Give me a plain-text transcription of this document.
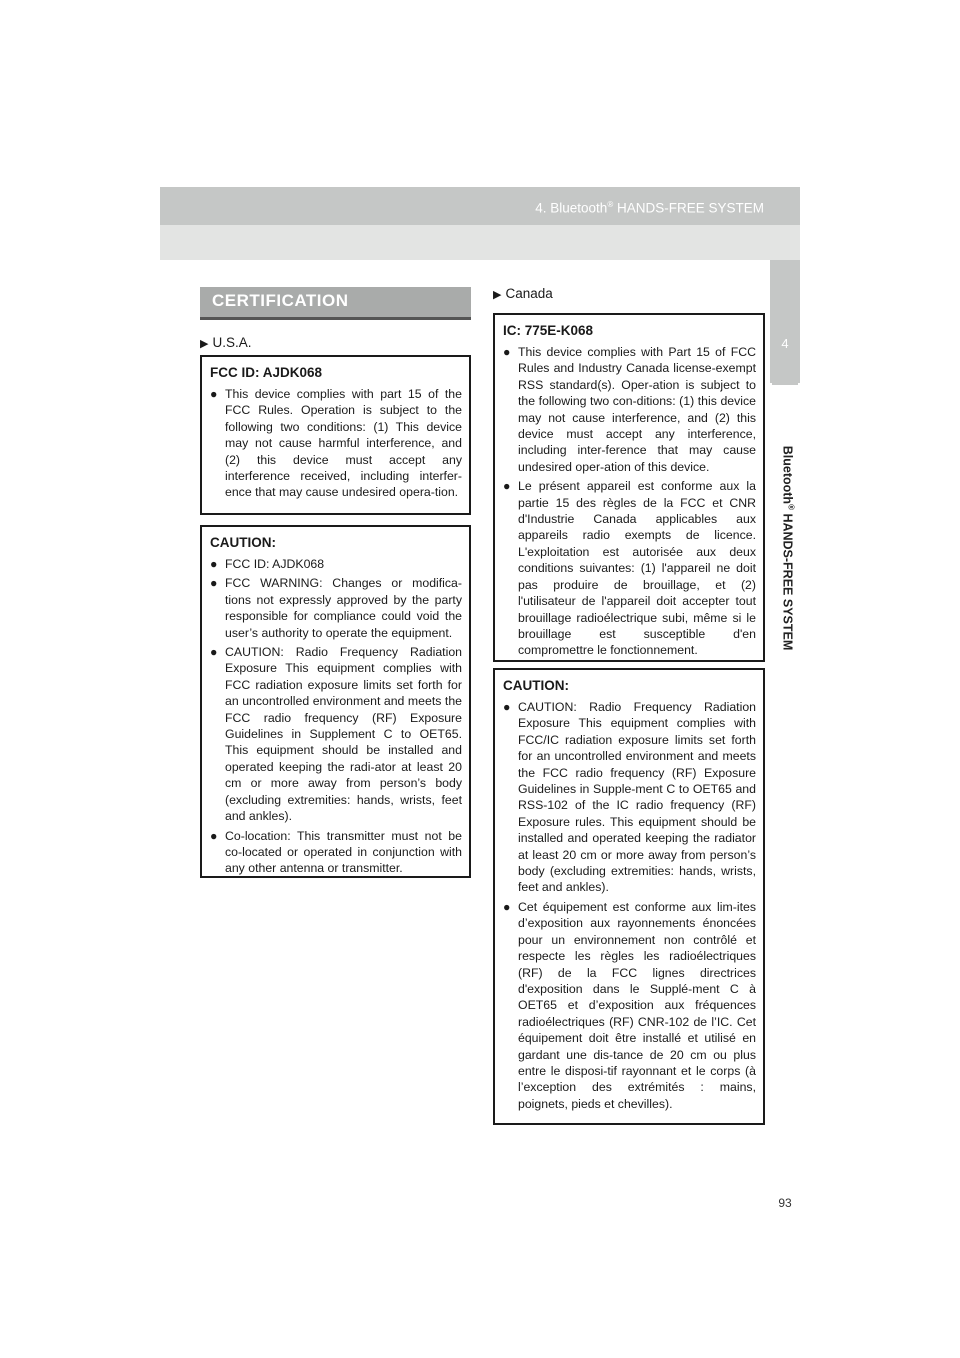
4. Bluetooth® HANDS-FREE SYSTEM
4
Bluetooth® HANDS-FREE SYSTEM
93
CERTIFICATION
▶ U.S.A.
FCC ID: AJDK068
● This device complies with part 15 of the FCC Rules. Operation is subject to the following two conditions: (1) This device may not cause harmful interference, and (2) this device must accept any interference received, including interfer-ence that may cause undesired opera-tion.
CAUTION:
● FCC ID: AJDK068
● FCC WARNING: Changes or modifica-tions not expressly approved by the party responsible for compliance could void the user’s authority to operate the equipment.
● CAUTION: Radio Frequency Radiation Exposure This equipment complies with FCC radiation exposure limits set forth for an uncontrolled environment and meets the FCC radio frequency (RF) Exposure Guidelines in Supplement C to OET65. This equipment should be installed and operated keeping the radi-ator at least 20 cm or more away from person’s body (excluding extremities: hands, wrists, feet and ankles).
● Co-location: This transmitter must not be co-located or operated in conjunction with any other antenna or transmitter.
▶ Canada
IC: 775E-K068
● This device complies with Part 15 of FCC Rules and Industry Canada license-exempt RSS standard(s). Oper-ation is subject to the following two con-ditions: (1) this device may not cause interference, and (2) this device must accept any interference, including inter-ference that may cause undesired oper-ation of this device.
● Le présent appareil est conforme aux la partie 15 des règles de la FCC et CNR d'Industrie Canada applicables aux appareils radio exempts de licence. L'exploitation est autorisée aux deux conditions suivantes: (1) l'appareil ne doit pas produire de brouillage, et (2) l'utilisateur de l'appareil doit accepter tout brouillage radioélectrique subi, même si le brouillage est susceptible d'en compromettre le fonctionnement.
CAUTION:
● CAUTION: Radio Frequency Radiation Exposure This equipment complies with FCC/IC radiation exposure limits set forth for an uncontrolled environment and meets the FCC radio frequency (RF) Exposure Guidelines in Supple-ment C to OET65 and RSS-102 of the IC radio frequency (RF) Exposure rules. This equipment should be installed and operated keeping the radiator at least 20 cm or more away from person’s body (excluding extremities: hands, wrists, feet and ankles).
● Cet équipement est conforme aux lim-ites d’exposition aux rayonnements énoncées pour un environnement non contrôlé et respecte les règles les radioélectriques (RF) de la FCC lignes directrices d'exposition dans le Supplé-ment C à OET65 et d’exposition aux fréquences radioélectriques (RF) CNR-102 de l’IC. Cet équipement doit être installé et utilisé en gardant une dis-tance de 20 cm ou plus entre le disposi-tif rayonnant et le corps (à l’exception des extrémités : mains, poignets, pieds et chevilles).
